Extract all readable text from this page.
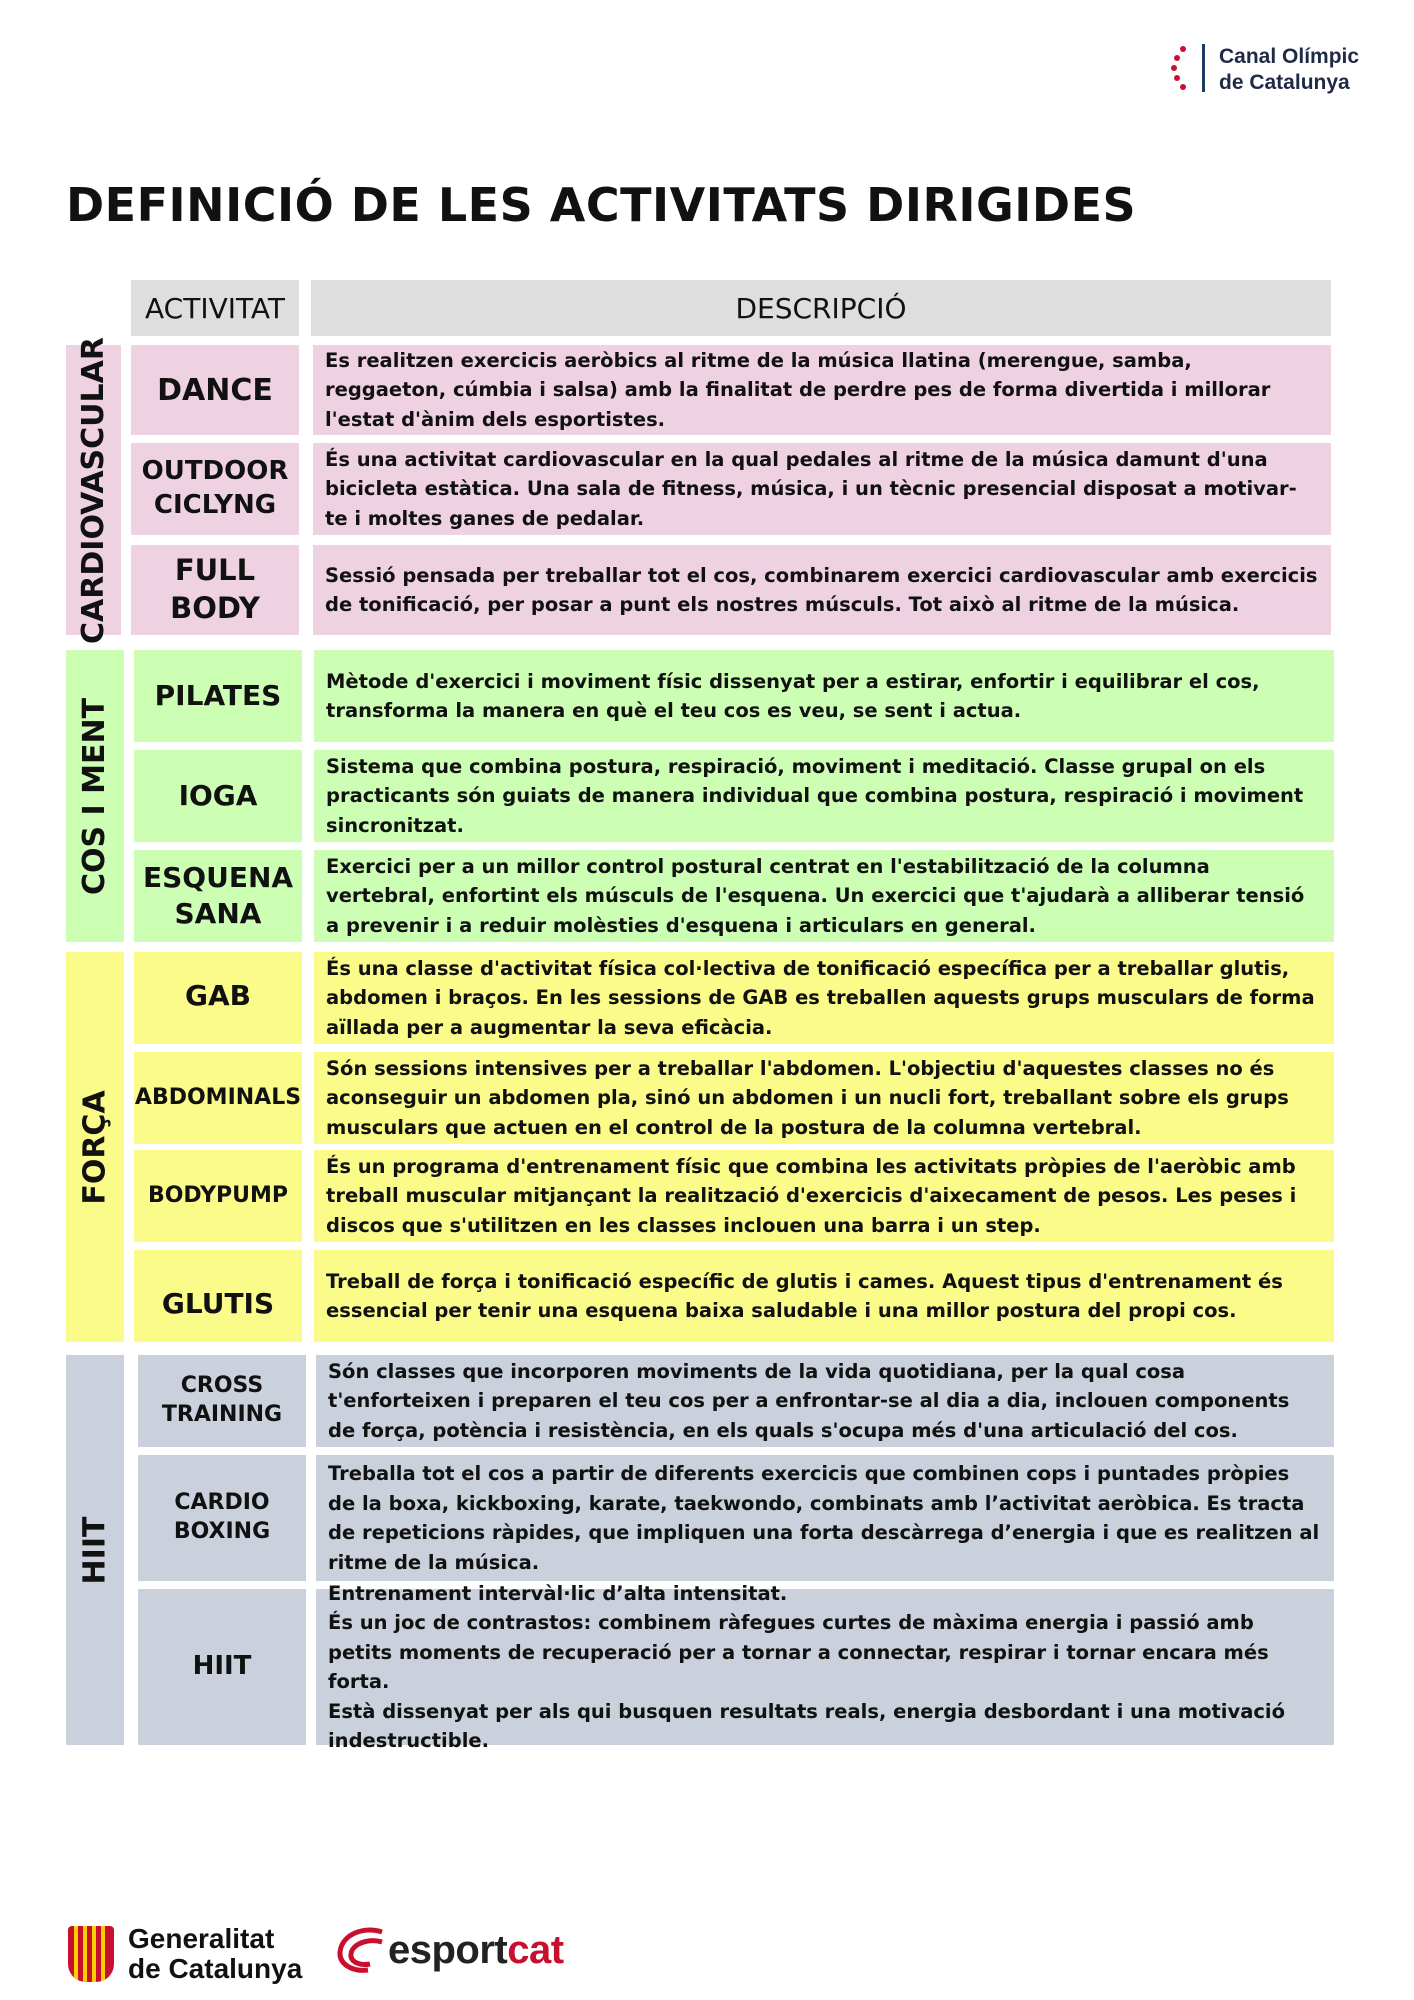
Canal Olímpic
de Catalunya
DEFINICIÓ DE LES ACTIVITATS DIRIGIDES
ACTIVITAT	DESCRIPCIÓ
CARDIOVASCULAR DANCE
Es realitzen exercicis aeròbics al ritme de la música llatina (merengue, samba, reggaeton, cúmbia i salsa) amb la finalitat de perdre pes de forma divertida i millorar l'estat d'ànim dels esportistes.
OUTDOOR CICLYNG
És una activitat cardiovascular en la qual pedales al ritme de la música damunt d'una bicicleta estàtica. Una sala de fitness, música, i un tècnic presencial disposat a motivar-te i moltes ganes de pedalar.
FULL BODY
Sessió pensada per treballar tot el cos, combinarem exercici cardiovascular amb exercicis de tonificació, per posar a punt els nostres músculs. Tot això al ritme de la música.
COS I MENT
PILATES Mètode d'exercici i moviment físic dissenyat per a estirar, enfortir i equilibrar el cos, transforma la manera en què el teu cos es veu, se sent i actua.
IOGA
Sistema que combina postura, respiració, moviment i meditació. Classe grupal on els practicants són guiats de manera individual que combina postura, respiració i moviment sincronitzat.
ESQUENA SANA
Exercici per a un millor control postural centrat en l'estabilització de la columna vertebral, enfortint els músculs de l'esquena. Un exercici que t'ajudarà a alliberar tensió a prevenir i a reduir molèsties d'esquena i articulars en general.
FORÇA
GAB
És una classe d'activitat física col·lectiva de tonificació específica per a treballar glutis, abdomen i braços. En les sessions de GAB es treballen aquests grups musculars de forma aïllada per a augmentar la seva eficàcia.
ABDOMINALS
Són sessions intensives per a treballar l'abdomen. L'objectiu d'aquestes classes no és aconseguir un abdomen pla, sinó un abdomen i un nucli fort, treballant sobre els grups musculars que actuen en el control de la postura de la columna vertebral.
BODYPUMP
És un programa d'entrenament físic que combina les activitats pròpies de l'aeròbic amb treball muscular mitjançant la realització d'exercicis d'aixecament de pesos. Les peses i discos que s'utilitzen en les classes inclouen una barra i un step.
GLUTIS
Treball de força i tonificació específic de glutis i cames. Aquest tipus d'entrenament és essencial per tenir una esquena baixa saludable i una millor postura del propi cos.
HIIT
CROSS TRAINING
Són classes que incorporen moviments de la vida quotidiana, per la qual cosa t'enforteixen i preparen el teu cos per a enfrontar-se al dia a dia, inclouen components de força, potència i resistència, en els quals s'ocupa més d'una articulació del cos.
CARDIO BOXING
Treballa tot el cos a partir de diferents exercicis que combinen cops i puntades pròpies de la boxa, kickboxing, karate, taekwondo, combinats amb l’activitat aeròbica. Es tracta de repeticions ràpides, que impliquen una forta descàrrega d’energia i que es realitzen al ritme de la música.
HIIT
Entrenament intervàl·lic d’alta intensitat.
És un joc de contrastos: combinem ràfegues curtes de màxima energia i passió amb petits moments de recuperació per a tornar a connectar, respirar i tornar encara més forta.
Està dissenyat per als qui busquen resultats reals, energia desbordant i una motivació indestructible.
Generalitat
de Catalunya esportcat
